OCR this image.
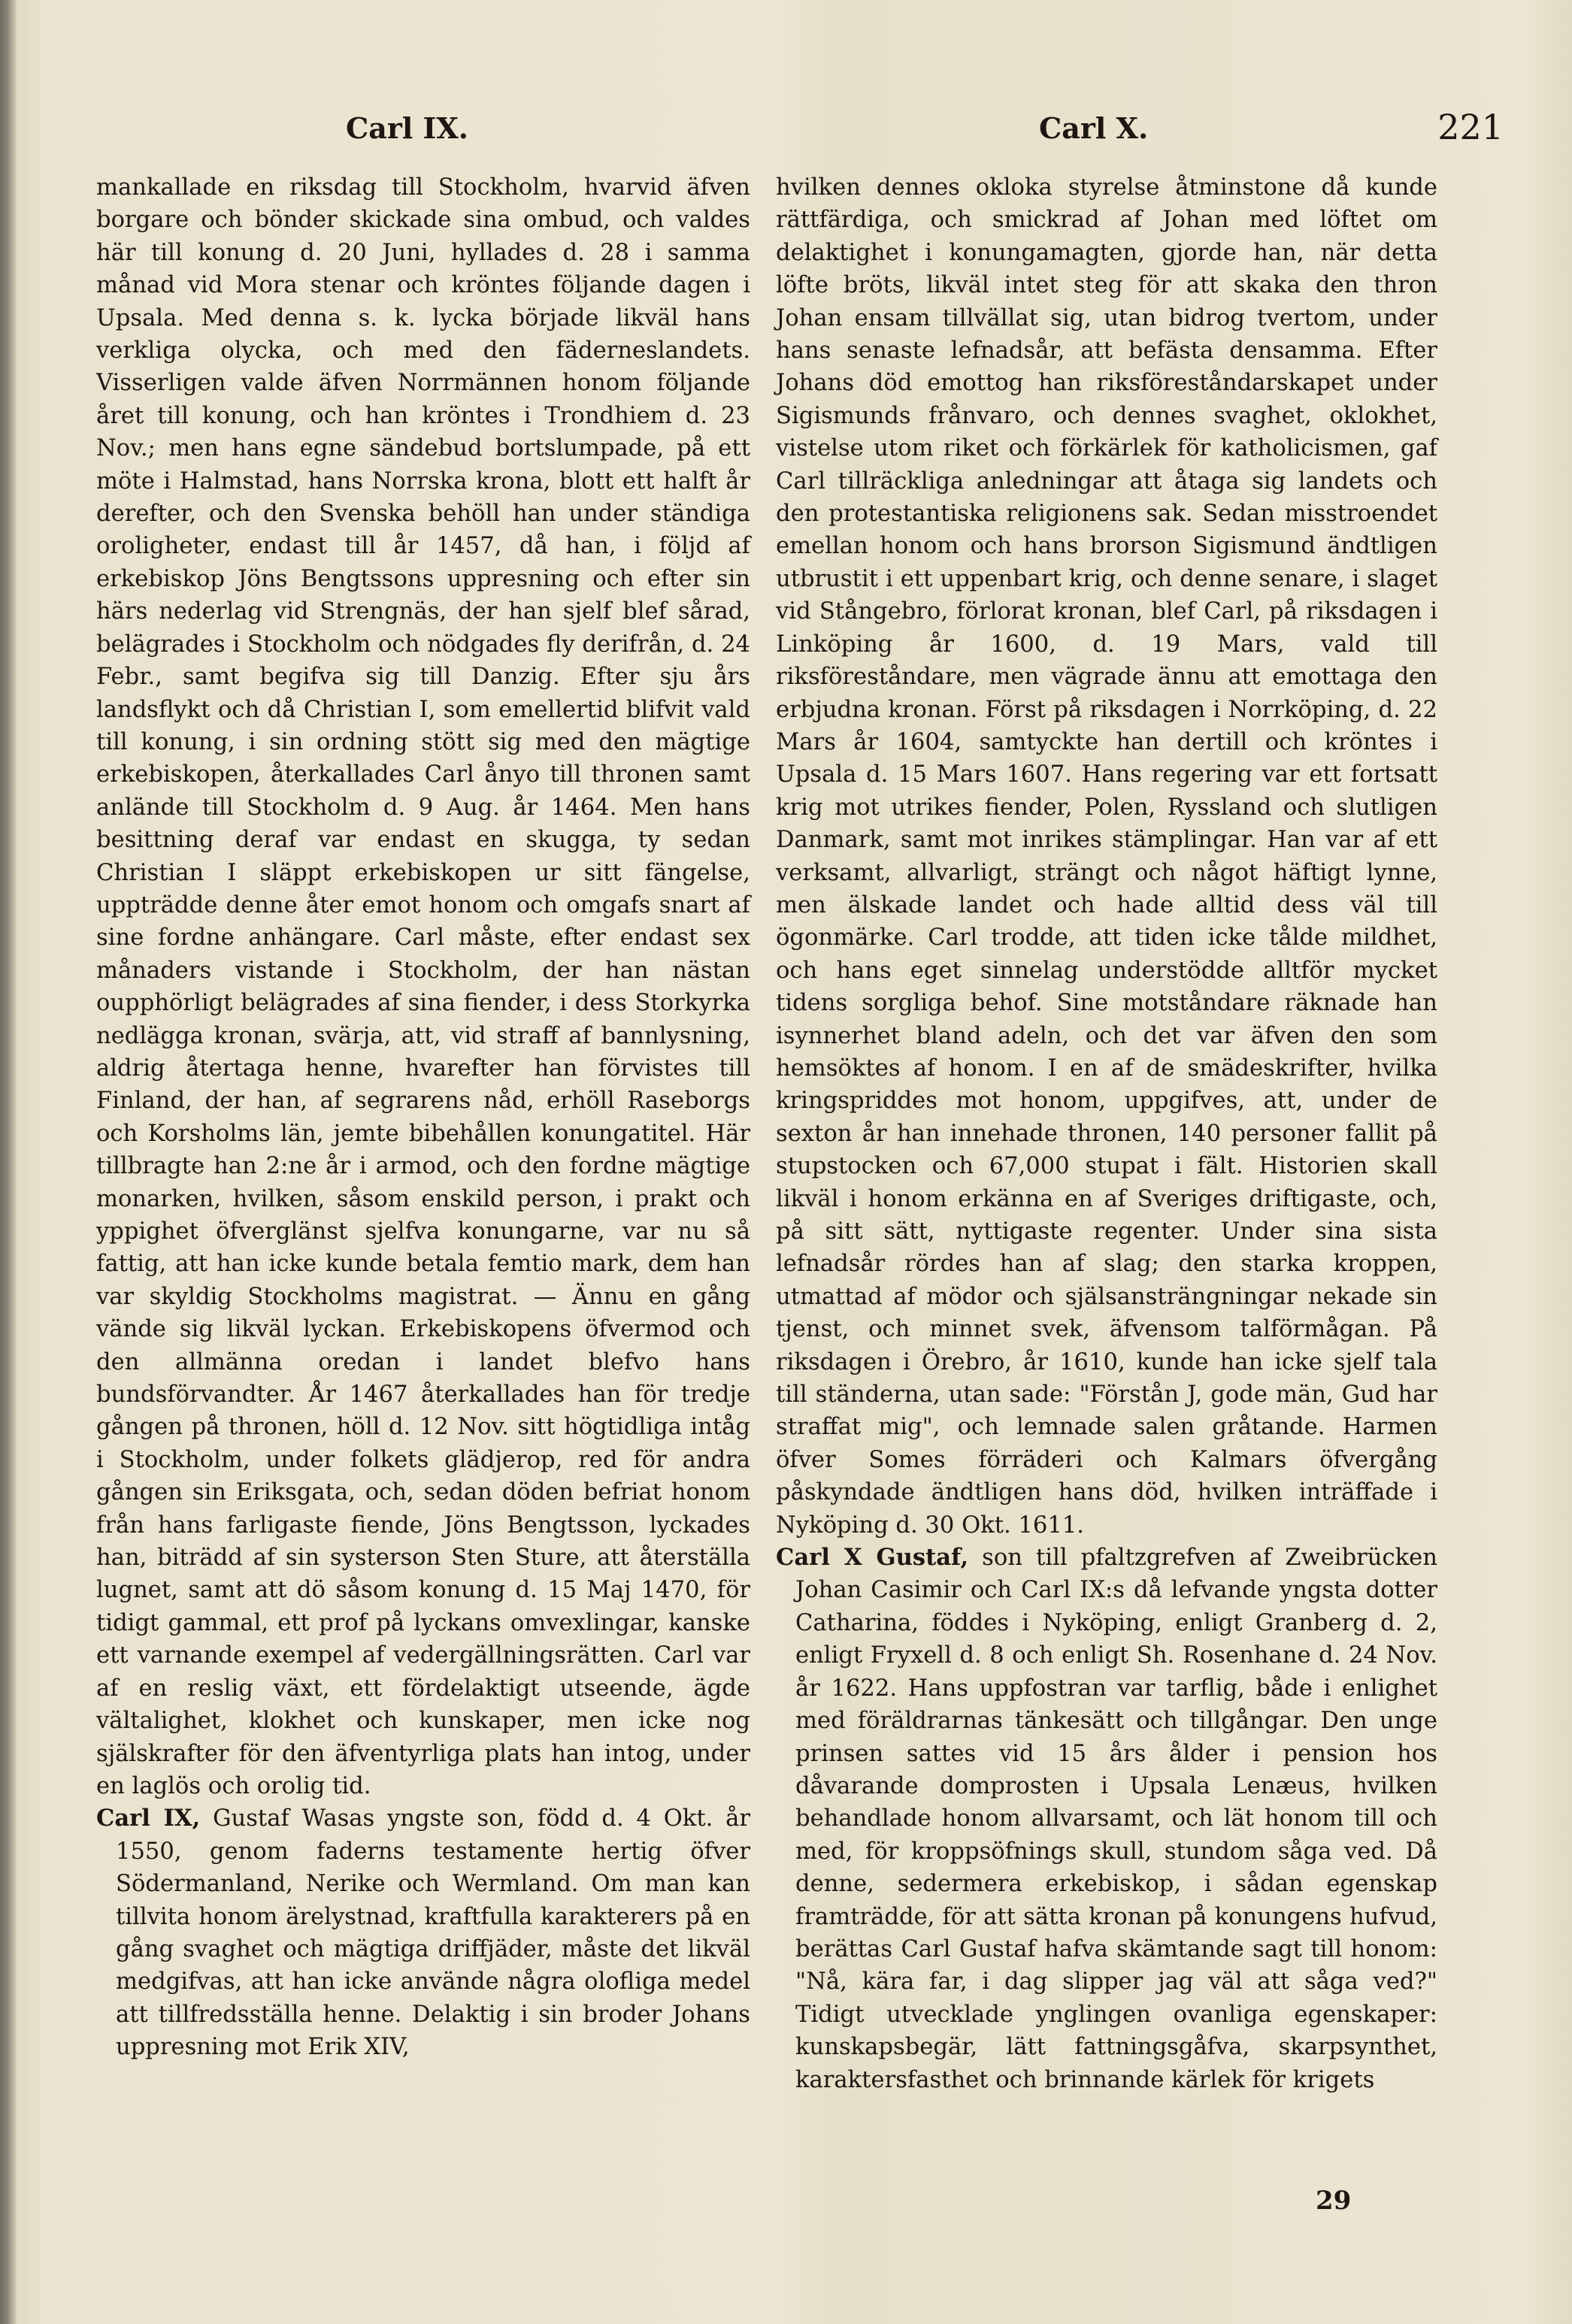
Carl IX.	Carl X.	221

mankallade en riksdag till Stockholm, hvarvid äfven borgare och bönder skickade sina ombud, och valdes här till konung d. 20 Juni, hyllades d. 28 i samma månad vid Mora stenar och kröntes följande dagen i Upsala. Med denna s. k. lycka började likväl hans verkliga olycka, och med den fäderneslandets. Visserligen valde äfven Norrmännen honom följande året till konung, och han kröntes i Trondhiem d. 23 Nov.; men hans egne sändebud bortslumpade, på ett möte i Halmstad, hans Norrska krona, blott ett halft år derefter, och den Svenska behöll han under ständiga oroligheter, endast till år 1457, då han, i följd af erkebiskop Jöns Bengtssons uppresning och efter sin härs nederlag vid Strengnäs, der han sjelf blef sårad, belägrades i Stockholm och nödgades fly derifrån, d. 24 Febr., samt begifva sig till Danzig. Efter sju års landsflykt och då Christian I, som emellertid blifvit vald till konung, i sin ordning stött sig med den mägtige erkebiskopen, återkallades Carl ånyo till thronen samt anlände till Stockholm d. 9 Aug. år 1464. Men hans besittning deraf var endast en skugga, ty sedan Christian I släppt erkebiskopen ur sitt fängelse, uppträdde denne åter emot honom och omgafs snart af sine fordne anhängare. Carl måste, efter endast sex månaders vistande i Stockholm, der han nästan oupphörligt belägrades af sina fiender, i dess Storkyrka nedlägga kronan, svärja, att, vid straff af bannlysning, aldrig återtaga henne, hvarefter han förvistes till Finland, der han, af segrarens nåd, erhöll Raseborgs och Korsholms län, jemte bibehållen konungatitel. Här tillbragte han 2:ne år i armod, och den fordne mägtige monarken, hvilken, såsom enskild person, i prakt och yppighet öfverglänst sjelfva konungarne, var nu så fattig, att han icke kunde betala femtio mark, dem han var skyldig Stockholms magistrat. — Ännu en gång vände sig likväl lyckan. Erkebiskopens öfvermod och den allmänna oredan i landet blefvo hans bundsförvandter. År 1467 återkallades han för tredje gången på thronen, höll d. 12 Nov. sitt högtidliga intåg i Stockholm, under folkets glädjerop, red för andra gången sin Eriksgata, och, sedan döden befriat honom från hans farligaste fiende, Jöns Bengtsson, lyckades han, biträdd af sin systerson Sten Sture, att återställa lugnet, samt att dö såsom konung d. 15 Maj 1470, för tidigt gammal, ett prof på lyckans omvexlingar, kanske ett varnande exempel af vedergällningsrätten. Carl var af en reslig växt, ett fördelaktigt utseende, ägde vältalighet, klokhet och kunskaper, men icke nog själskrafter för den äfventyrliga plats han intog, under en laglös och orolig tid.

Carl IX, Gustaf Wasas yngste son, född d. 4 Okt. år 1550, genom faderns testamente hertig öfver Södermanland, Nerike och Wermland. Om man kan tillvita honom ärelystnad, kraftfulla karakterers på en gång svaghet och mägtiga driffjäder, måste det likväl medgifvas, att han icke använde några olofliga medel att tillfredsställa henne. Delaktig i sin broder Johans uppresning mot Erik XIV,

hvilken dennes okloka styrelse åtminstone då kunde rättfärdiga, och smickrad af Johan med löftet om delaktighet i konungamagten, gjorde han, när detta löfte bröts, likväl intet steg för att skaka den thron Johan ensam tillvällat sig, utan bidrog tvertom, under hans senaste lefnadsår, att befästa densamma. Efter Johans död emottog han riksföreståndarskapet under Sigismunds frånvaro, och dennes svaghet, oklokhet, vistelse utom riket och förkärlek för katholicismen, gaf Carl tillräckliga anledningar att åtaga sig landets och den protestantiska religionens sak. Sedan misstroendet emellan honom och hans brorson Sigismund ändtligen utbrustit i ett uppenbart krig, och denne senare, i slaget vid Stångebro, förlorat kronan, blef Carl, på riksdagen i Linköping år 1600, d. 19 Mars, vald till riksföreståndare, men vägrade ännu att emottaga den erbjudna kronan. Först på riksdagen i Norrköping, d. 22 Mars år 1604, samtyckte han dertill och kröntes i Upsala d. 15 Mars 1607. Hans regering var ett fortsatt krig mot utrikes fiender, Polen, Ryssland och slutligen Danmark, samt mot inrikes stämplingar. Han var af ett verksamt, allvarligt, strängt och något häftigt lynne, men älskade landet och hade alltid dess väl till ögonmärke. Carl trodde, att tiden icke tålde mildhet, och hans eget sinnelag understödde alltför mycket tidens sorgliga behof. Sine motståndare räknade han isynnerhet bland adeln, och det var äfven den som hemsöktes af honom. I en af de smädeskrifter, hvilka kringspriddes mot honom, uppgifves, att, under de sexton år han innehade thronen, 140 personer fallit på stupstocken och 67,000 stupat i fält. Historien skall likväl i honom erkänna en af Sveriges driftigaste, och, på sitt sätt, nyttigaste regenter. Under sina sista lefnadsår rördes han af slag; den starka kroppen, utmattad af mödor och själsansträngningar nekade sin tjenst, och minnet svek, äfvensom talförmågan. På riksdagen i Örebro, år 1610, kunde han icke sjelf tala till ständerna, utan sade: "Förstån J, gode män, Gud har straffat mig", och lemnade salen gråtande. Harmen öfver Somes förräderi och Kalmars öfvergång påskyndade ändtligen hans död, hvilken inträffade i Nyköping d. 30 Okt. 1611.

Carl X Gustaf, son till pfaltzgrefven af Zweibrücken Johan Casimir och Carl IX:s då lefvande yngsta dotter Catharina, föddes i Nyköping, enligt Granberg d. 2, enligt Fryxell d. 8 och enligt Sh. Rosenhane d. 24 Nov. år 1622. Hans uppfostran var tarflig, både i enlighet med föräldrarnas tänkesätt och tillgångar. Den unge prinsen sattes vid 15 års ålder i pension hos dåvarande domprosten i Upsala Lenæus, hvilken behandlade honom allvarsamt, och lät honom till och med, för kroppsöfnings skull, stundom såga ved. Då denne, sedermera erkebiskop, i sådan egenskap framträdde, för att sätta kronan på konungens hufvud, berättas Carl Gustaf hafva skämtande sagt till honom: "Nå, kära far, i dag slipper jag väl att såga ved?" Tidigt utvecklade ynglingen ovanliga egenskaper: kunskapsbegär, lätt fattningsgåfva, skarpsynthet, karaktersfasthet och brinnande kärlek för krigets

29
